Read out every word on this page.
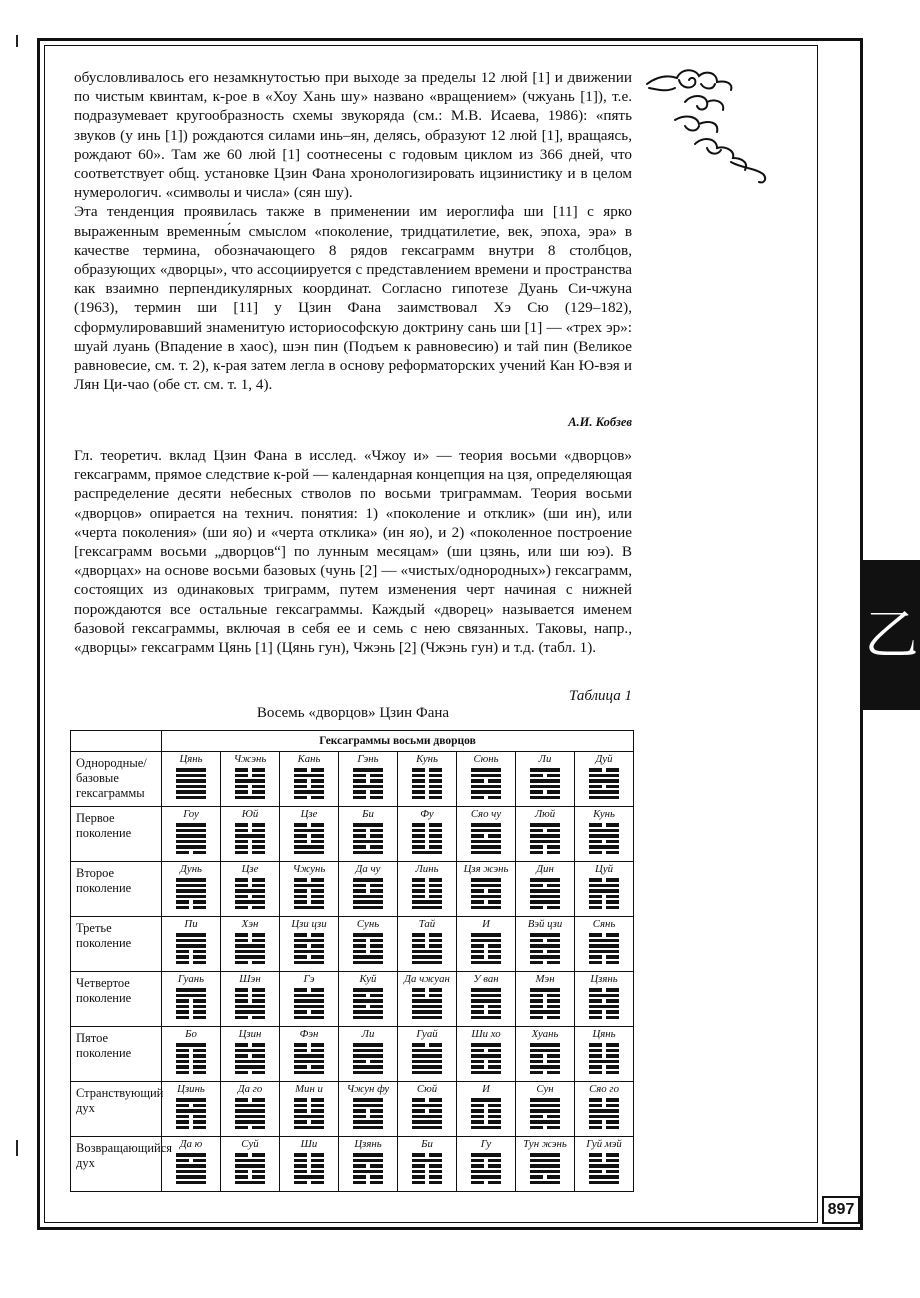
обусловливалось его незамкнутостью при выходе за пределы 12 люй [1] и движении по чистым квинтам, к-рое в «Хоу Хань шу» названо «вращением» (чжуань [1]), т.е. подразумевает кругообразность схемы звукоряда (см.: М.В. Исаева, 1986): «пять звуков (у инь [1]) рождаются силами инь–ян, делясь, образуют 12 люй [1], вращаясь, рождают 60». Там же 60 люй [1] соотнесены с годовым циклом из 366 дней, что соответствует общ. установке Цзин Фана хронологизировать ицзинистику и в целом нумерологич. «символы и числа» (сян шу).

Эта тенденция проявилась также в применении им иероглифа ши [11] с ярко выраженным временны́м смыслом «поколение, тридцатилетие, век, эпоха, эра» в качестве термина, обозначающего 8 рядов гексаграмм внутри 8 столбцов, образующих «дворцы», что ассоциируется с представлением времени и пространства как взаимно перпендикулярных координат. Согласно гипотезе Дуань Си-чжуна (1963), термин ши [11] у Цзин Фана заимствовал Хэ Сю (129–182), сформулировавший знаменитую историософскую доктрину сань ши [1] — «трех эр»: шуай луань (Впадение в хаос), шэн пин (Подъем к равновесию) и тай пин (Великое равновесие, см. т. 2), к-рая затем легла в основу реформаторских учений Кан Ю-вэя и Лян Ци-чао (обе ст. см. т. 1, 4).

А.И. Кобзев

Гл. теоретич. вклад Цзин Фана в исслед. «Чжоу и» — теория восьми «дворцов» гексаграмм, прямое следствие к-рой — календарная концепция на цзя, определяющая распределение десяти небесных стволов по восьми триграммам. Теория восьми «дворцов» опирается на технич. понятия: 1) «поколение и отклик» (ши ин), или «черта поколения» (ши яо) и «черта отклика» (ин яо), и 2) «поколенное построение [гексаграмм восьми „дворцов“] по лунным месяцам» (ши цзянь, или ши юэ). В «дворцах» на основе восьми базовых (чунь [2] — «чистых/однородных») гексаграмм, состоящих из одинаковых триграмм, путем изменения черт начиная с нижней порождаются все остальные гексаграммы. Каждый «дворец» называется именем базовой гексаграммы, включая в себя ее и семь с нею связанных. Таковы, напр., «дворцы» гексаграмм Цянь [1] (Цянь гун), Чжэнь [2] (Чжэнь гун) и т.д. (табл. 1).

Таблица 1
Восемь «дворцов» Цзин Фана
	Гексаграммы восьми дворцов							
Однородные/ базовые гексаграммы	Цянь	Чжэнь	Кань	Гэнь	Кунь	Сюнь	Ли	Дуй

Первое поколение	Гоу	Юй	Цзе	Би	Фу	Сяо чу	Люй	Кунь

Второе поколение	Дунь	Цзе	Чжунь	Да чу	Линь	Цзя жэнь	Дин	Цуй

Третье поколение	Пи	Хэн	Цзи цзи	Сунь	Тай	И	Вэй цзи	Сянь

Четвертое поколение	Гуань	Шэн	Гэ	Куй	Да чжуан	У ван	Мэн	Цзянь

Пятое поколение	Бо	Цзин	Фэн	Ли	Гуай	Ши хо	Хуань	Цянь

Странствующий дух	Цзинь	Да го	Мин и	Чжун фу	Сюй	И	Сун	Сяо го

Возвращающийся дух	Да ю	Суй	Ши	Цзянь	Би	Гу	Тун жэнь	Гуй мэй
乙
897
